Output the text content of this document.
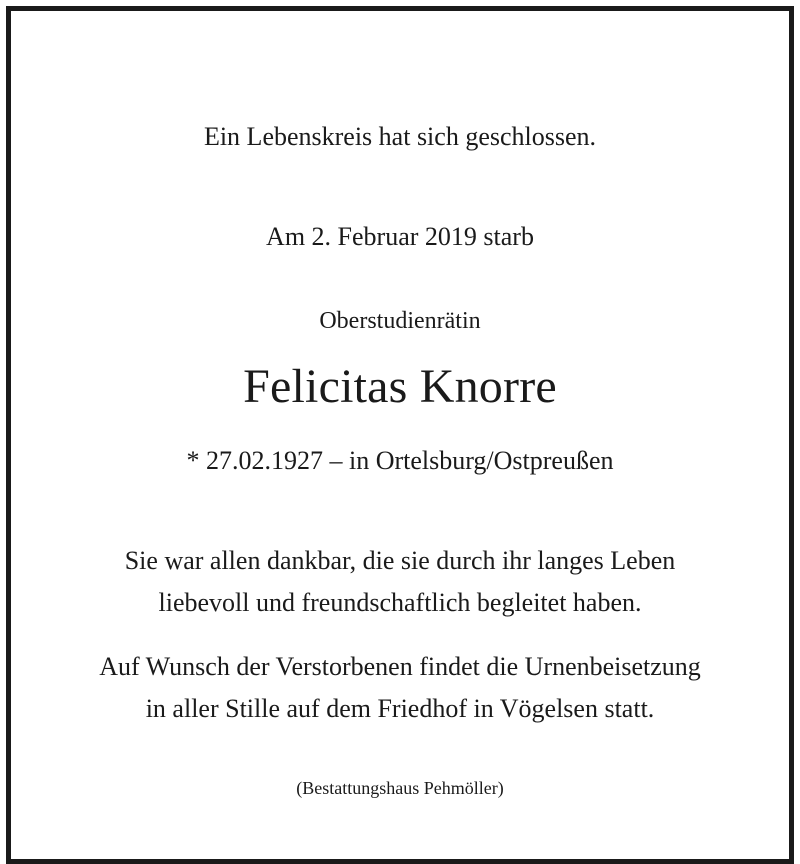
Ein Lebenskreis hat sich geschlossen.
Am 2. Februar 2019 starb
Oberstudienrätin
Felicitas Knorre
* 27.02.1927 – in Ortelsburg/Ostpreußen
Sie war allen dankbar, die sie durch ihr langes Leben
liebevoll und freundschaftlich begleitet haben.
Auf Wunsch der Verstorbenen findet die Urnenbeisetzung
in aller Stille auf dem Friedhof in Vögelsen statt.
(Bestattungshaus Pehmöller)
